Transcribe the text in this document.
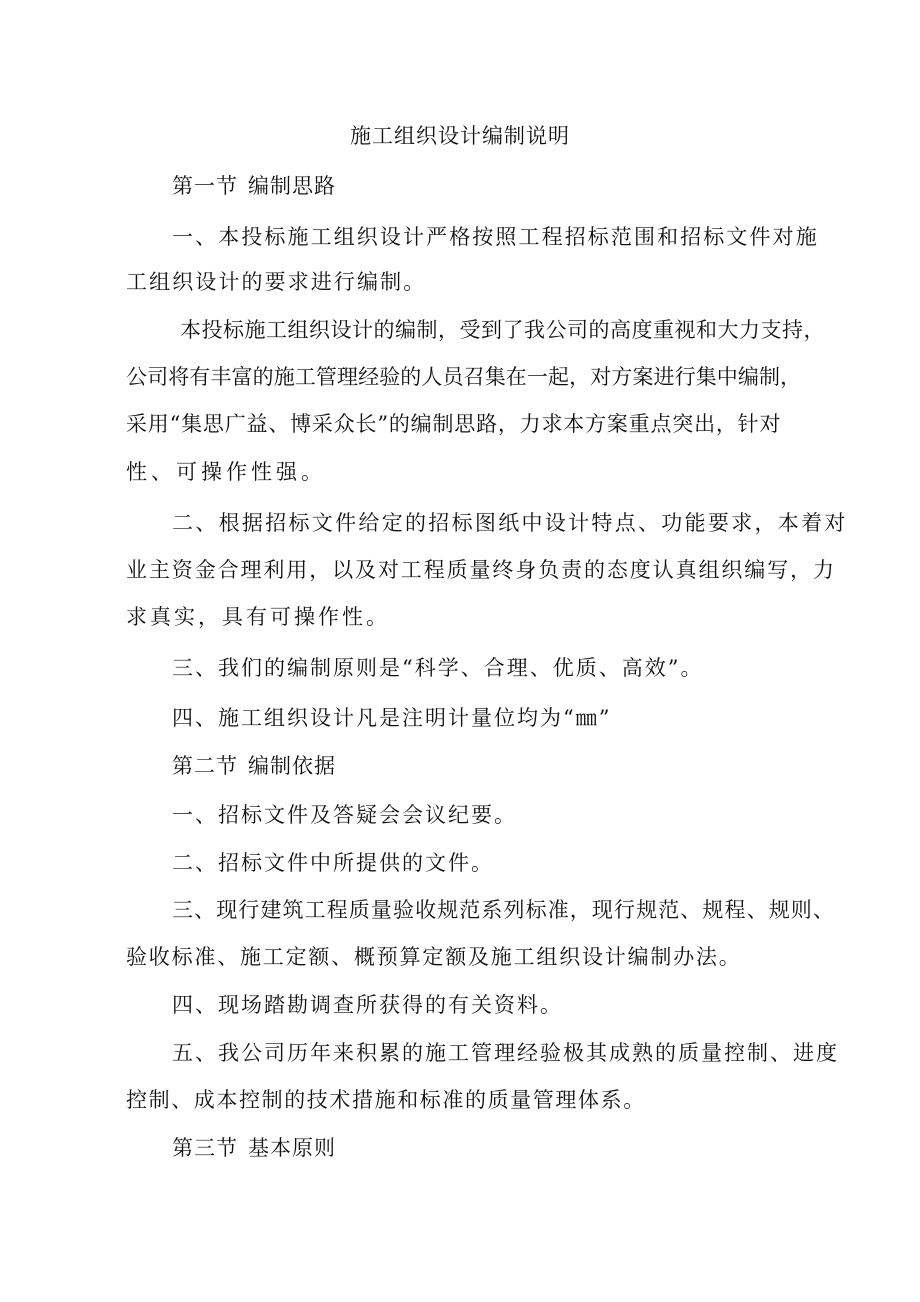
施工组织设计编制说明
第一节 编制思路
一、本投标施工组织设计严格按照工程招标范围和招标文件对施
工组织设计的要求进行编制。
本投标施工组织设计的编制，受到了我公司的高度重视和大力支持，
公司将有丰富的施工管理经验的人员召集在一起，对方案进行集中编制，
采用“集思广益、博采众长”的编制思路，力求本方案重点突出，针对
性、可操作性强。
二、根据招标文件给定的招标图纸中设计特点、功能要求，本着对
业主资金合理利用，以及对工程质量终身负责的态度认真组织编写，力
求真实，具有可操作性。
三、我们的编制原则是“科学、合理、优质、高效”。
四、施工组织设计凡是注明计量位均为“㎜”
第二节 编制依据
一、招标文件及答疑会会议纪要。
二、招标文件中所提供的文件。
三、现行建筑工程质量验收规范系列标准，现行规范、规程、规则、
验收标准、施工定额、概预算定额及施工组织设计编制办法。
四、现场踏勘调查所获得的有关资料。
五、我公司历年来积累的施工管理经验极其成熟的质量控制、进度
控制、成本控制的技术措施和标准的质量管理体系。
第三节 基本原则
